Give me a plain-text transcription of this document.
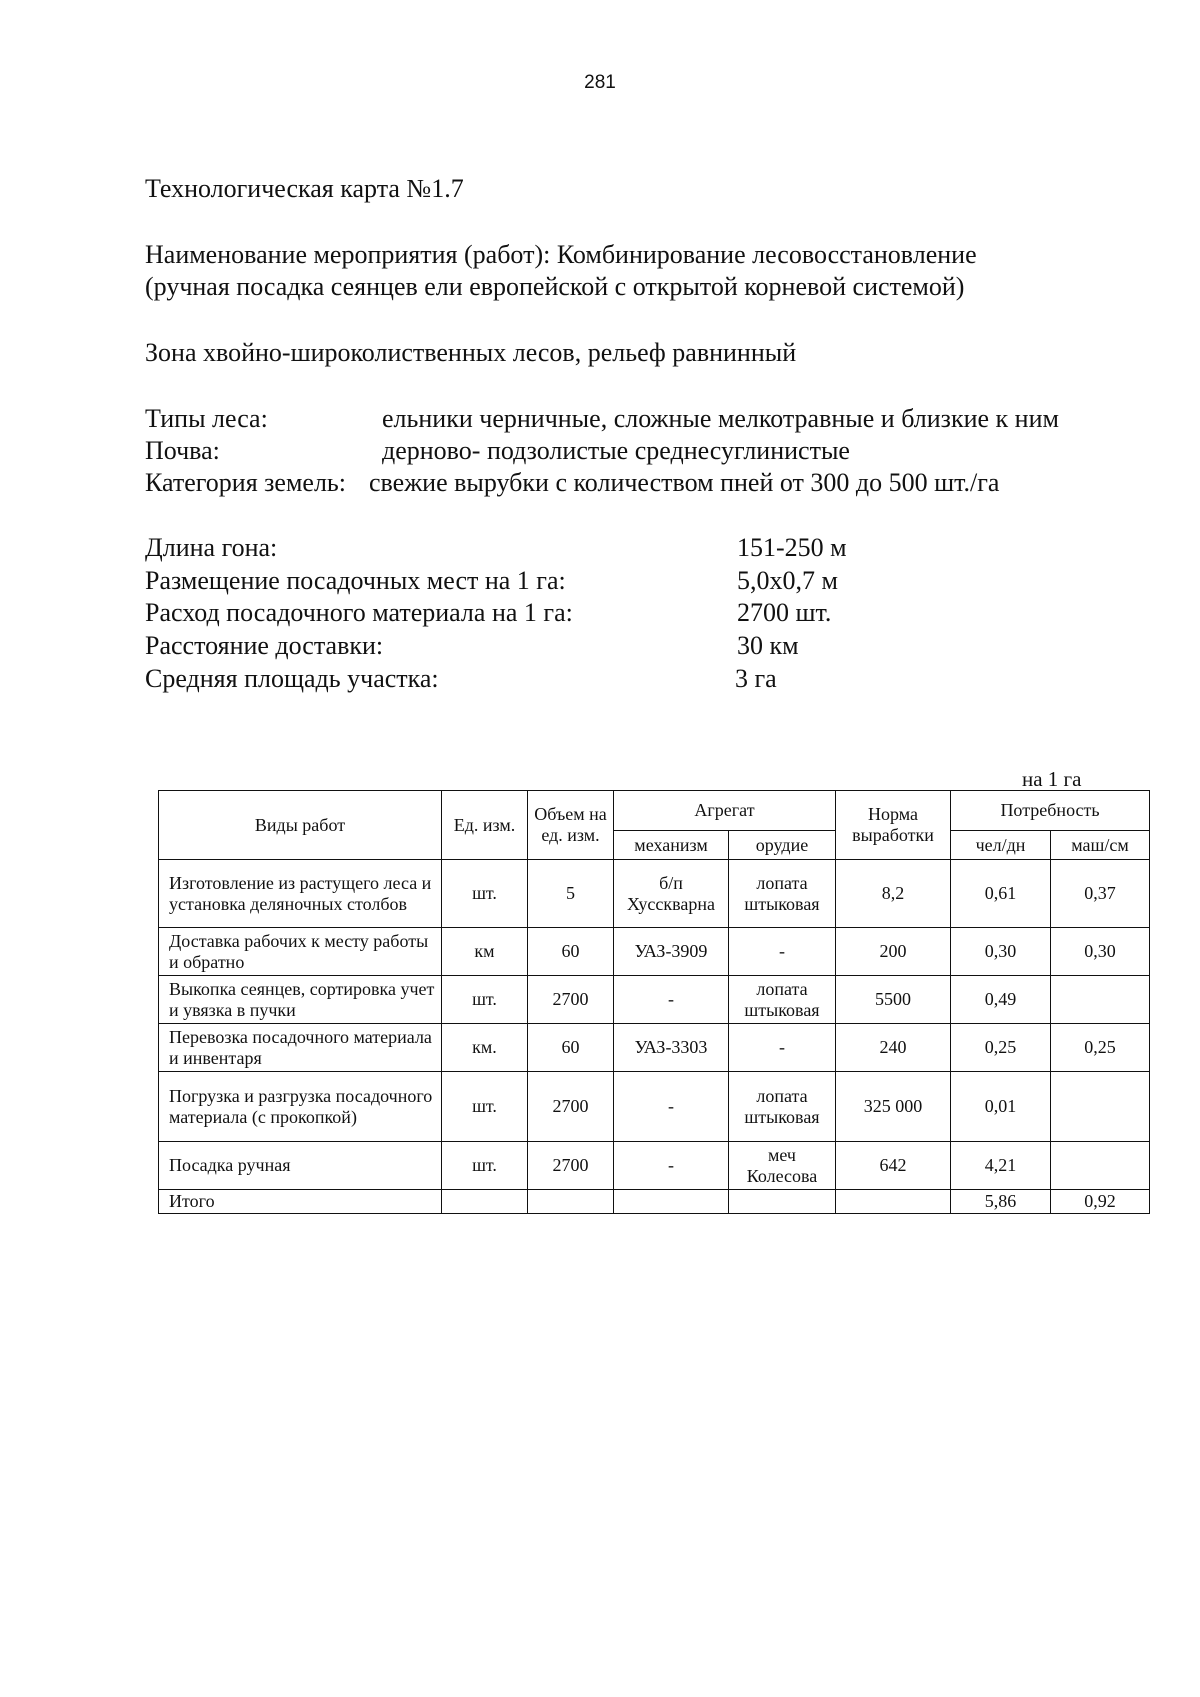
281
Технологическая карта №1.7
Наименование мероприятия (работ): Комбинирование лесовосстановление
(ручная посадка сеянцев ели европейской с открытой корневой системой)
Зона хвойно-широколиственных лесов, рельеф равнинный
Типы леса:	ельники черничные, сложные мелкотравные и близкие к ним
Почва:	дерново- подзолистые среднесуглинистые
Категория земель: свежие вырубки с количеством пней от 300 до 500 шт./га
Длина гона:	151-250 м
Размещение посадочных мест на 1 га:	5,0х0,7 м
Расход посадочного материала на 1 га:	2700 шт.
Расстояние доставки:	30 км
Средняя площадь участка:	3 га
на 1 га
Виды работ	Ед. изм.	Объем на ед. изм.	Агрегат		Норма выработки	Потребность	
			механизм	орудие		чел/дн	маш/см
Изготовление из растущего леса и установка деляночных столбов	шт.	5	б/п Хусскварна	лопата штыковая	8,2	0,61	0,37
Доставка рабочих к месту работы и обратно	км	60	УАЗ-3909	-	200	0,30	0,30
Выкопка сеянцев, сортировка учет и увязка в пучки	шт.	2700	-	лопата штыковая	5500	0,49	
Перевозка посадочного материала и инвентаря	км.	60	УАЗ-3303	-	240	0,25	0,25
Погрузка и разгрузка посадочного материала (с прокопкой)	шт.	2700	-	лопата штыковая	325 000	0,01	
Посадка ручная	шт.	2700	-	меч Колесова	642	4,21	
Итого						5,86	0,92
